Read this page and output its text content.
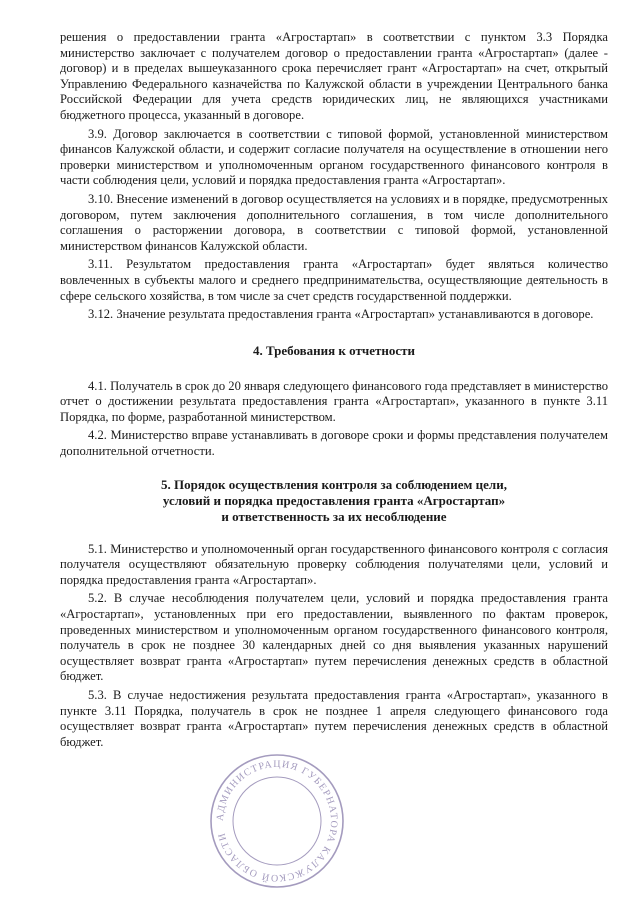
решения о предоставлении гранта «Агростартап» в соответствии с пунктом 3.3 Порядка министерство заключает с получателем договор о предоставлении гранта «Агростартап» (далее - договор) и в пределах вышеуказанного срока перечисляет грант «Агростартап» на счет, открытый Управлению Федерального казначейства по Калужской области в учреждении Центрального банка Российской Федерации для учета средств юридических лиц, не являющихся участниками бюджетного процесса, указанный в договоре.

3.9. Договор заключается в соответствии с типовой формой, установленной министерством финансов Калужской области, и содержит согласие получателя на осуществление в отношении него проверки министерством и уполномоченным органом государственного финансового контроля в части соблюдения цели, условий и порядка предоставления гранта «Агростартап».

3.10. Внесение изменений в договор осуществляется на условиях и в порядке, предусмотренных договором, путем заключения дополнительного соглашения, в том числе дополнительного соглашения о расторжении договора, в соответствии с типовой формой, установленной министерством финансов Калужской области.

3.11. Результатом предоставления гранта «Агростартап» будет являться количество вовлеченных в субъекты малого и среднего предпринимательства, осуществляющие деятельность в сфере сельского хозяйства, в том числе за счет средств государственной поддержки.

3.12. Значение результата предоставления гранта «Агростартап» устанавливаются в договоре.

4. Требования к отчетности

4.1. Получатель в срок до 20 января следующего финансового года представляет в министерство отчет о достижении результата предоставления гранта «Агростартап», указанного в пункте 3.11 Порядка, по форме, разработанной министерством.

4.2. Министерство вправе устанавливать в договоре сроки и формы представления получателем дополнительной отчетности.

5. Порядок осуществления контроля за соблюдением цели,
условий и порядка предоставления гранта «Агростартап»
и ответственность за их несоблюдение

5.1. Министерство и уполномоченный орган государственного финансового контроля с согласия получателя осуществляют обязательную проверку соблюдения получателями цели, условий и порядка предоставления гранта «Агростартап».

5.2. В случае несоблюдения получателем цели, условий и порядка предоставления гранта «Агростартап», установленных при его предоставлении, выявленного по фактам проверок, проведенных министерством и уполномоченным органом государственного финансового контроля, получатель в срок не позднее 30 календарных дней со дня выявления указанных нарушений осуществляет возврат гранта «Агростартап» путем перечисления денежных средств в областной бюджет.

5.3. В случае недостижения результата предоставления гранта «Агростартап», указанного в пункте 3.11 Порядка, получатель в срок не позднее 1 апреля следующего финансового года осуществляет возврат гранта «Агростартап» путем перечисления денежных средств в областной бюджет.

АДМИНИСТРАЦИЯ ГУБЕРНАТОРА КАЛУЖСКОЙ ОБЛАСТИ
